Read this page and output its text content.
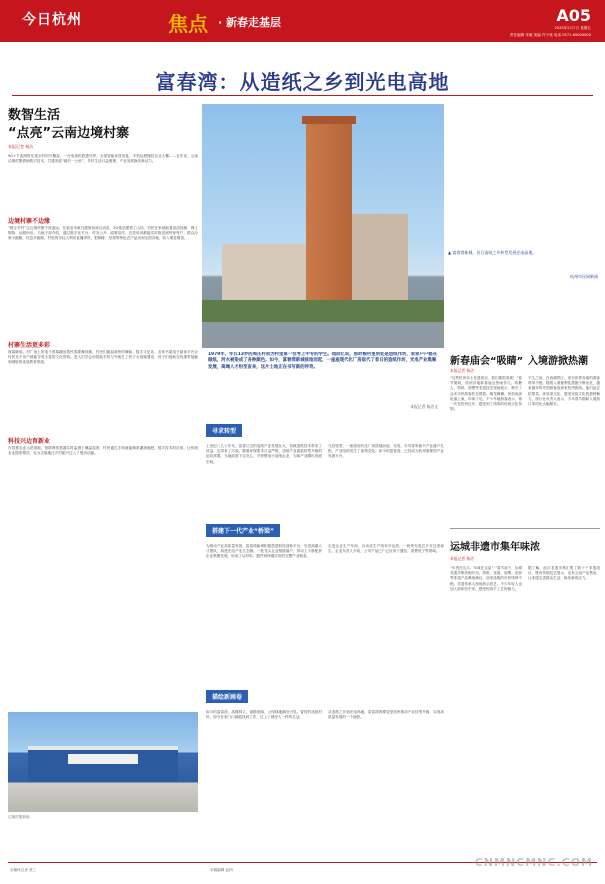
今日杭州	焦点 · 新春走基层	A05
2025年2月7日 星期五
责任编辑 朱敏 美编 许子贵 电话 0571-85000000
富春湾：从造纸之乡到光电高地
数智生活
“点亮”云南边境村寨
本报记者 杨洁
5G+千兆网络实现全村信号覆盖，一台电视机联通外界，全屋智能家居设备、手机远程操控农业大棚……近年来，云南边境村寨借助数字技术，打通发展“最后一公里”，乡村生活日益便捷，产业发展焕发新活力。
边境村寨不边缘
“数字乡村”让边境村寨不再遥远。在临沧市耿马傣族佤族自治县，5G基站建到了山顶，村民在家就能看高清视频、网上购物、远程问诊。当地干部介绍，通过数字化平台，村务公开、政策宣传、农技培训都能实时推送到每家每户，群众办事少跑腿，信息多跑路。村里的年轻人利用直播带货，把咖啡、坚果等特色农产品卖到全国各地，收入明显增加。
村寨生活更多彩
夜幕降临，村广场上的电子屏幕播放着民族歌舞视频，村民们跳起欢快的舞蹈。数字文化站、农家书屋电子阅读平台让村民足不出户就能享受丰富的文化资源。老人们学会用智能手机与外地打工的子女视频通话，孩子们借助在线课堂接触到城里的优质教育资源。
科技兴边育新业
在智慧农业示范基地，物联网传感器实时监测土壤温湿度，村民通过手机就能精准灌溉施肥。数字技术的应用，让传统农业提质增效，也为边境地区乡村振兴注入了强劲动能。
边境村寨新貌
▲ 富春湾新城，昔日造纸之乡转型发展光电高地。
杭州市民网新闻
1979年，年仅13岁的周庄村成为村里第一位考上中专的学生。他回忆说，那时候村里到处是造纸作坊，家家户户都在做纸，河水被染成了各种颜色。如今，富春湾新城拔地而起，一座座现代化厂房取代了昔日的造纸作坊，光电产业集聚发展，高端人才纷至沓来，这片土地正在书写新的传奇。
本报记者 杨洁文
寻求转型
上世纪八九十年代，富春江边的造纸产业发展壮大，机械造纸技术带来了效益，也带来了污染。随着环保要求日益严格，造纸产业面临转型升级的迫切需要。当地政府下定决心，关停整治小造纸企业，为新产业腾出发展空间。
几经转型，一座座现代化厂房拔地而起，光电、半导体等新兴产业落户扎根，产业结构发生了深刻变化。如今的富春湾，已经成为杭州重要的产业发展平台。
搭建下一代产业“桥梁”
为推动产业高质量发展，富春湾新城积极搭建科技创新平台，引进高端人才团队，构建光电产业生态圈。一批龙头企业相继落户，带动上下游配套企业集聚发展，形成了从材料、器件到终端应用的完整产业链条。
走进企业生产车间，自动化生产线有序运转，一块块光电芯片在这里诞生。企业负责人介绍，公司产品已广泛应用于通信、消费电子等领域。
描绘新画卷
如今的富春湾，高楼林立，道路宽阔，公园绿地随处可见。曾经的造纸村民，如今在家门口就能找到工作，过上了城里人一样的生活。
从造纸之乡到光电高地，富春湾的蝶变是杭州推动产业转型升级、实现高质量发展的一个缩影。
新春庙会“吸睛”
本报记者 杨洁
“这些杭州本土非遗项目，我们都很喜欢！”春节期间，杭州各地新春庙会热闹非凡。吹糖人、剪纸、面塑等非遗技艺现场展示，吸引了众多市民游客驻足观看。舞龙舞狮、民俗表演轮番上演，年味十足。不少外地游客表示，第一次在杭州过年，感受到了浓浓的传统文化氛围。
入境游掀热潮
不久之前，在西湖景区，来自世界各地的游客络绎不绝。随着入境便利化措施不断优化，越来越多的外国游客选择来杭州旅游。他们品尝杭帮菜，体验茶文化，感受宋韵文化的独特魅力。旅行社负责人表示，今年春节期间入境游订单同比大幅增长。
运城非遗市集年味浓
本报记者 杨洁
“年货在这买，年味在这品！”春节前夕，运城非遗市集热闹开市。剪纸、花馍、面塑、皮影等非遗产品琳琅满目，前来选购的市民络绎不绝。非遗传承人现场展示技艺，不少年轻人也加入到体验中来，感受传统手工艺的魅力。
据了解，此次非遗市集汇集了数十个非遗项目，既有传统技艺展示，也有文创产品售卖，让非遗走进群众生活，焕发新的活力。
全媒体记者 张三	本版编辑 赵四
CNMNCMNC.COM
